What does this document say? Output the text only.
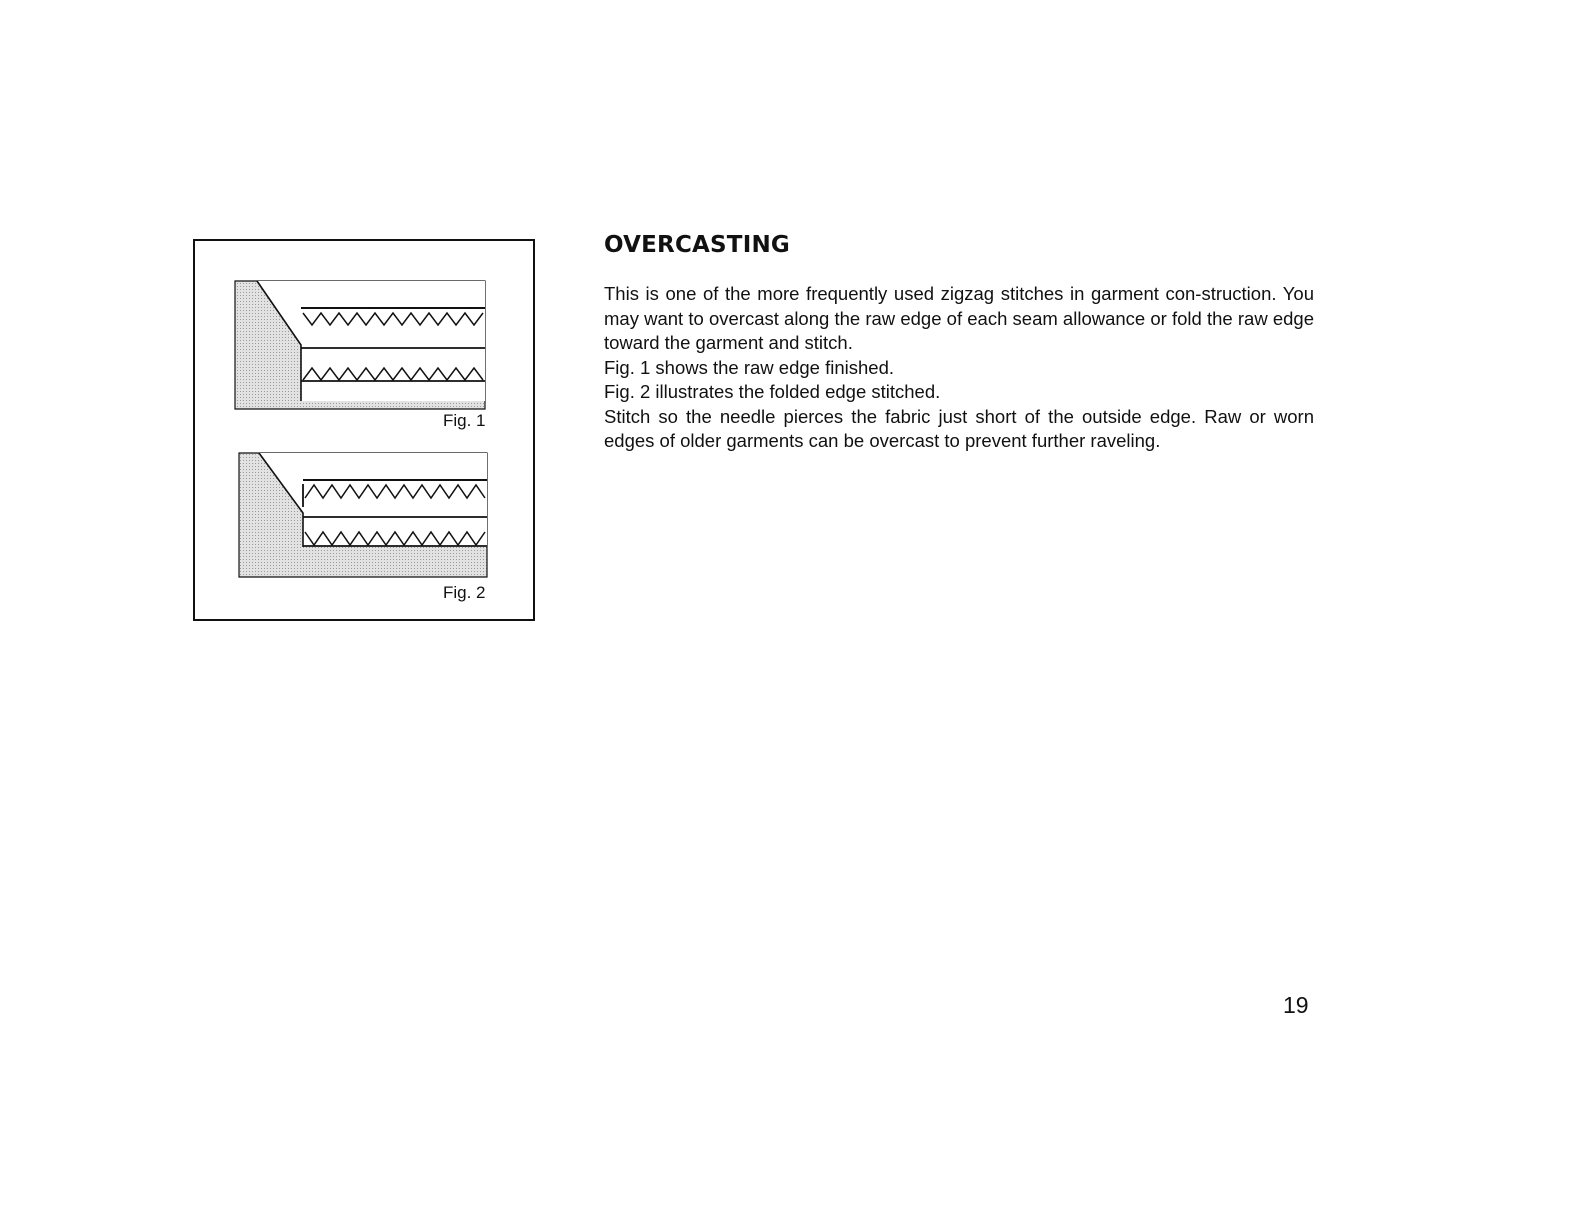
Fig. 1
Fig. 2
OVERCASTING

This is one of the more frequently used zigzag stitches in garment con-struction. You may want to overcast along the raw edge of each seam allowance or fold the raw edge toward the garment and stitch.

Fig. 1 shows the raw edge finished.

Fig. 2 illustrates the folded edge stitched.

Stitch so the needle pierces the fabric just short of the outside edge. Raw or worn edges of older garments can be overcast to prevent further raveling.

19
